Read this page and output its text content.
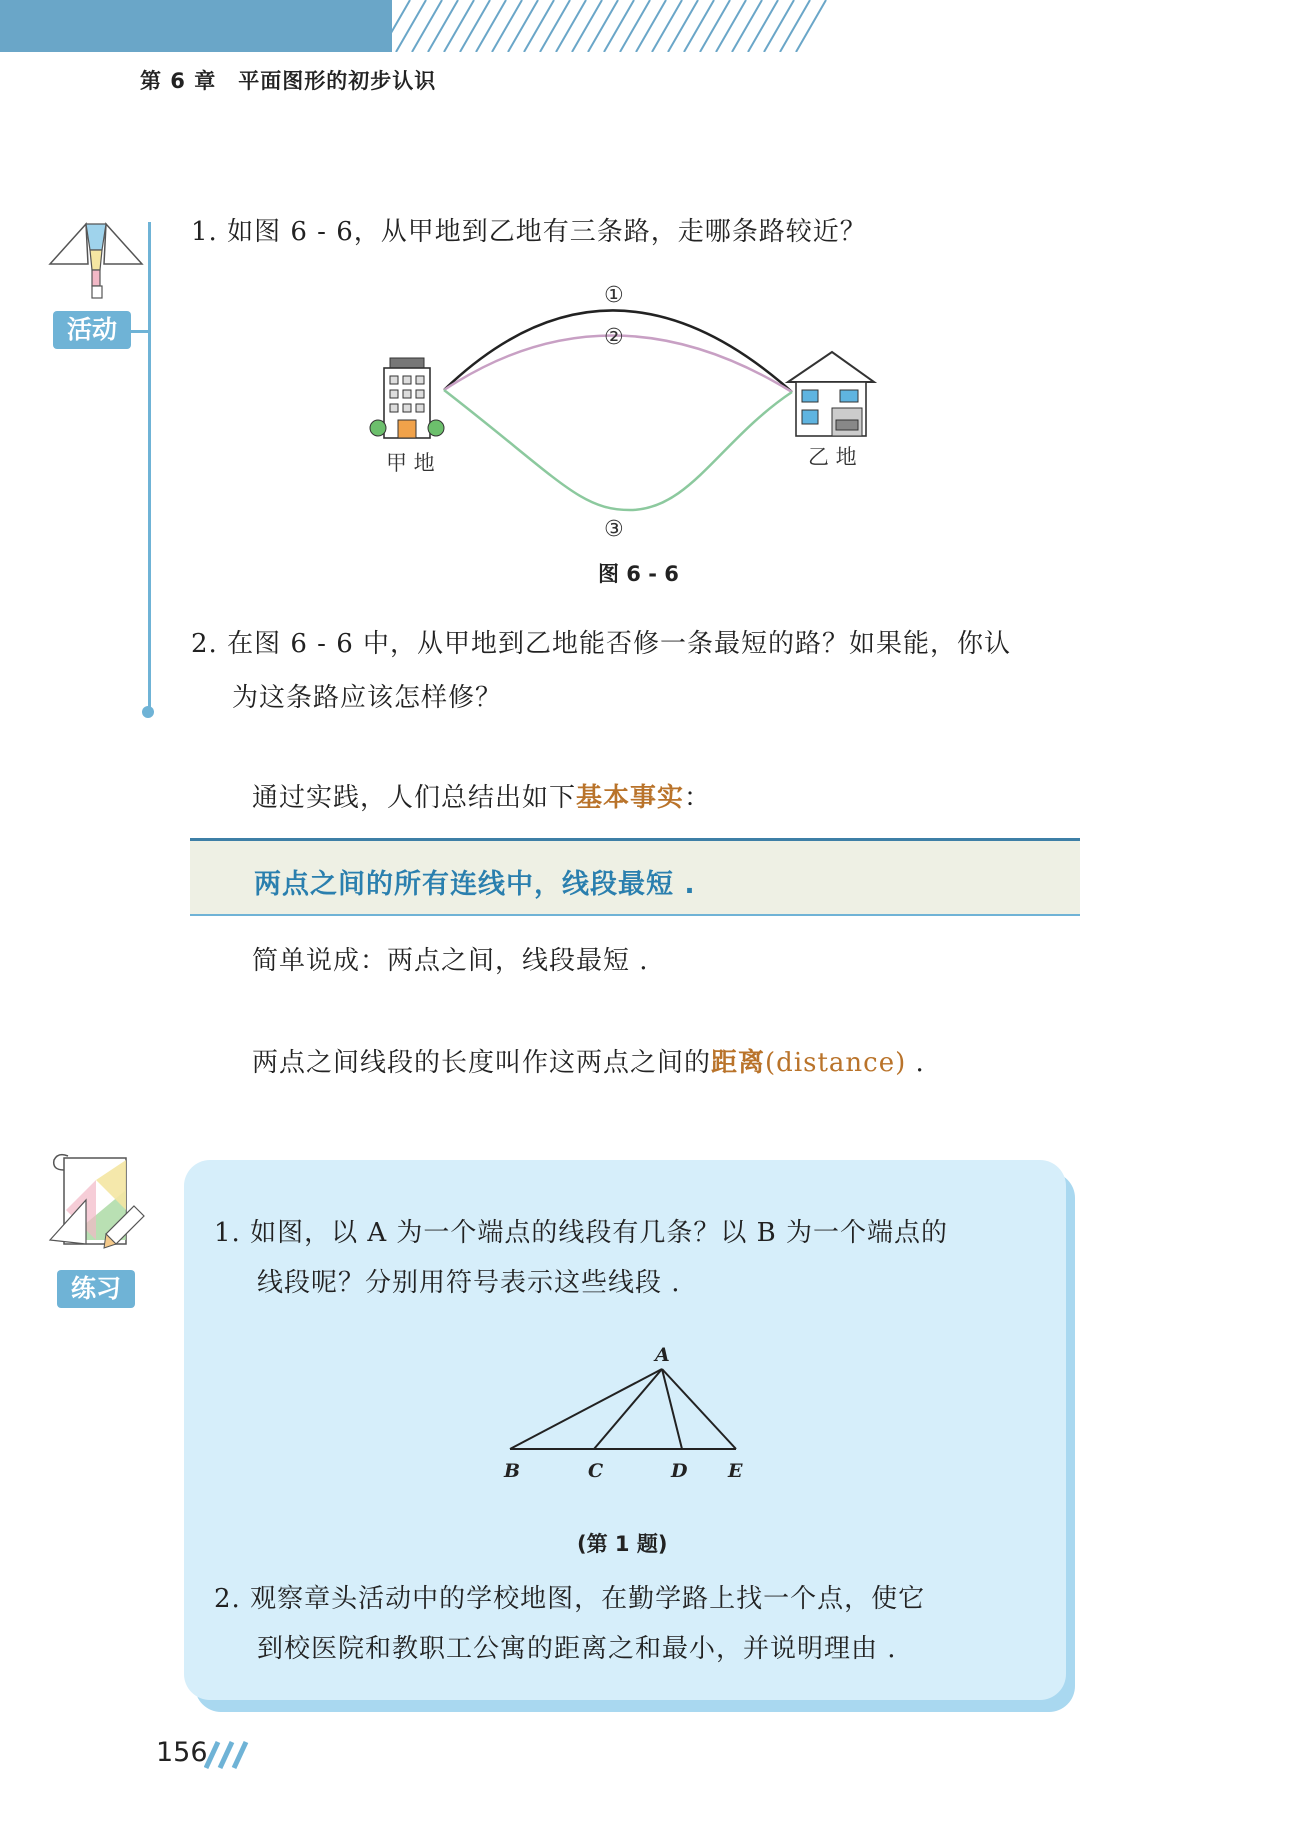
第 6 章 平面图形的初步认识
活动
1. 如图 6 - 6，从甲地到乙地有三条路，走哪条路较近？
①
②
③
甲 地	乙 地
图 6 - 6
2. 在图 6 - 6 中，从甲地到乙地能否修一条最短的路？如果能，你认
为这条路应该怎样修？
通过实践，人们总结出如下基本事实：
两点之间的所有连线中，线段最短 .
简单说成：两点之间，线段最短 .
两点之间线段的长度叫作这两点之间的距离(distance) .
练习
1. 如图，以 A 为一个端点的线段有几条？以 B 为一个端点的
线段呢？分别用符号表示这些线段 .
A
B	C	D E
(第 1 题)
2. 观察章头活动中的学校地图，在勤学路上找一个点，使它
到校医院和教职工公寓的距离之和最小，并说明理由 .
156
